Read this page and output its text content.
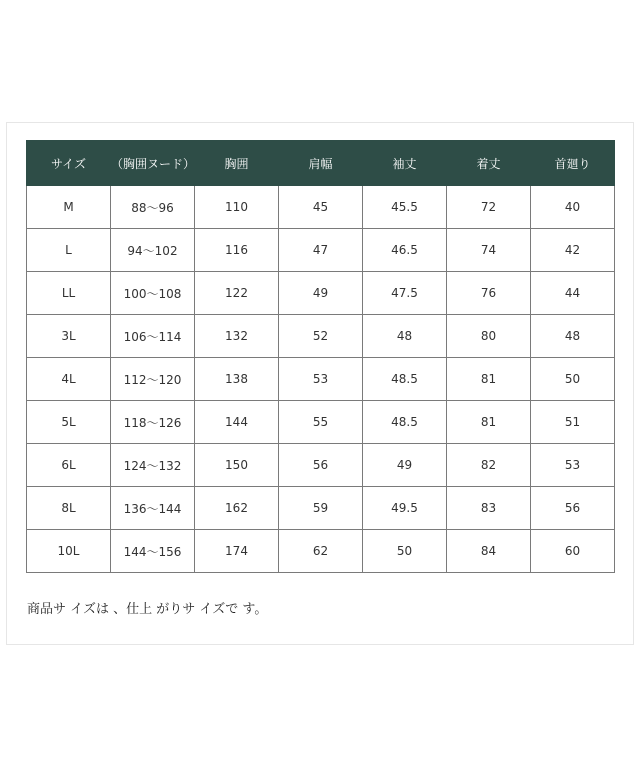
サイズ	（胸囲ヌード）	胸囲	肩幅	袖丈	着丈	首廻り
M	88～96	110	45	45.5	72	40
L	94～102	116	47	46.5	74	42
LL	100～108	122	49	47.5	76	44
3L	106～114	132	52	48	80	48
4L	112～120	138	53	48.5	81	50
5L	118～126	144	55	48.5	81	51
6L	124～132	150	56	49	82	53
8L	136～144	162	59	49.5	83	56
10L	144～156	174	62	50	84	60
商品サ イズは 、仕上 がりサ イズで す。
